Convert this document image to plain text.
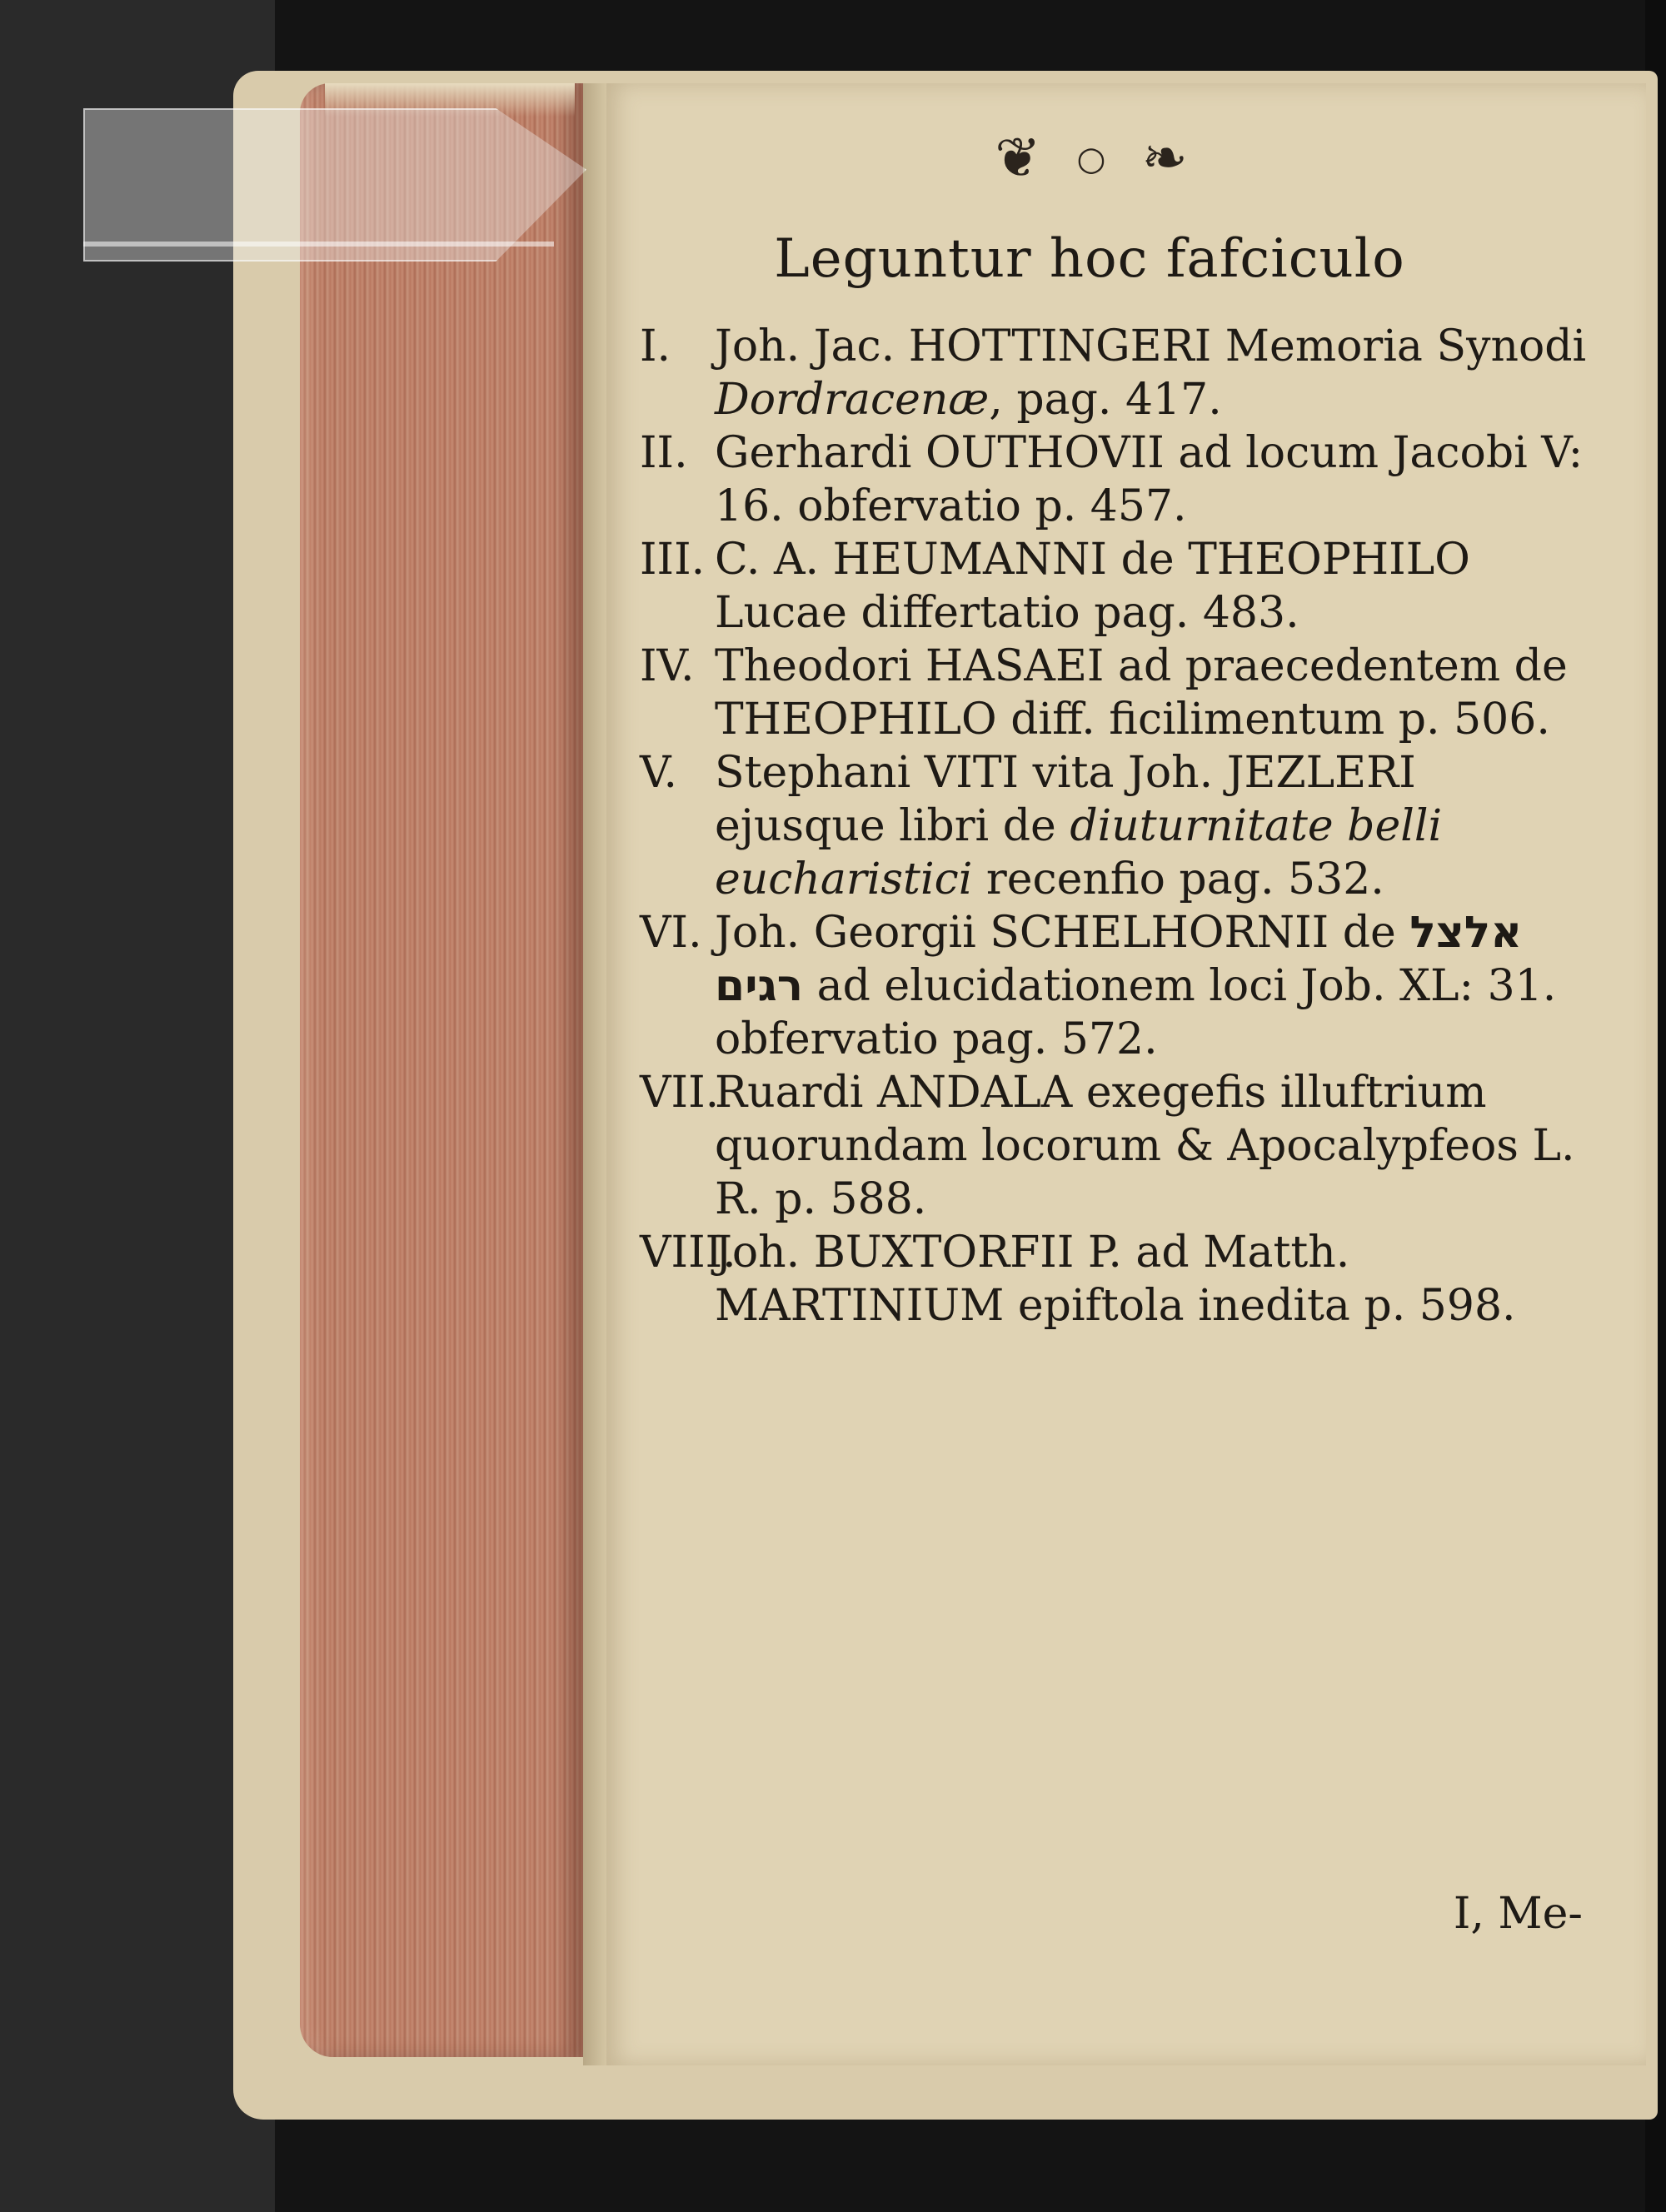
❦ ○ ❧
Leguntur hoc fafciculo
I.	Joh. Jac. HOTTINGERI Memoria Synodi Dordracenæ, pag. 417.
II. Gerhardi OUTHOVII ad locum Jacobi V: 16. obfervatio p. 457.
III. C. A. HEUMANNI de THEOPHILO Lucae differtatio pag. 483.
IV. Theodori HASAEI ad praecedentem de THEOPHILO diff. ficilimentum p. 506.
V. Stephani VITI vita Joh. JEZLERI ejusque libri de diuturnitate belli eucharistici recenfio pag. 532.
VI. Joh. Georgii SCHELHORNII de אלצל רגים ad elucidationem loci Job. XL: 31. obfervatio pag. 572.
VII.
Ruardi ANDALA exegefis illuftrium quorundam locorum & Apocalypfeos L. R. p. 588.
VIII.
Joh. BUXTORFII P. ad Matth. MARTINIUM epiftola inedita p. 598.
I, Me-
